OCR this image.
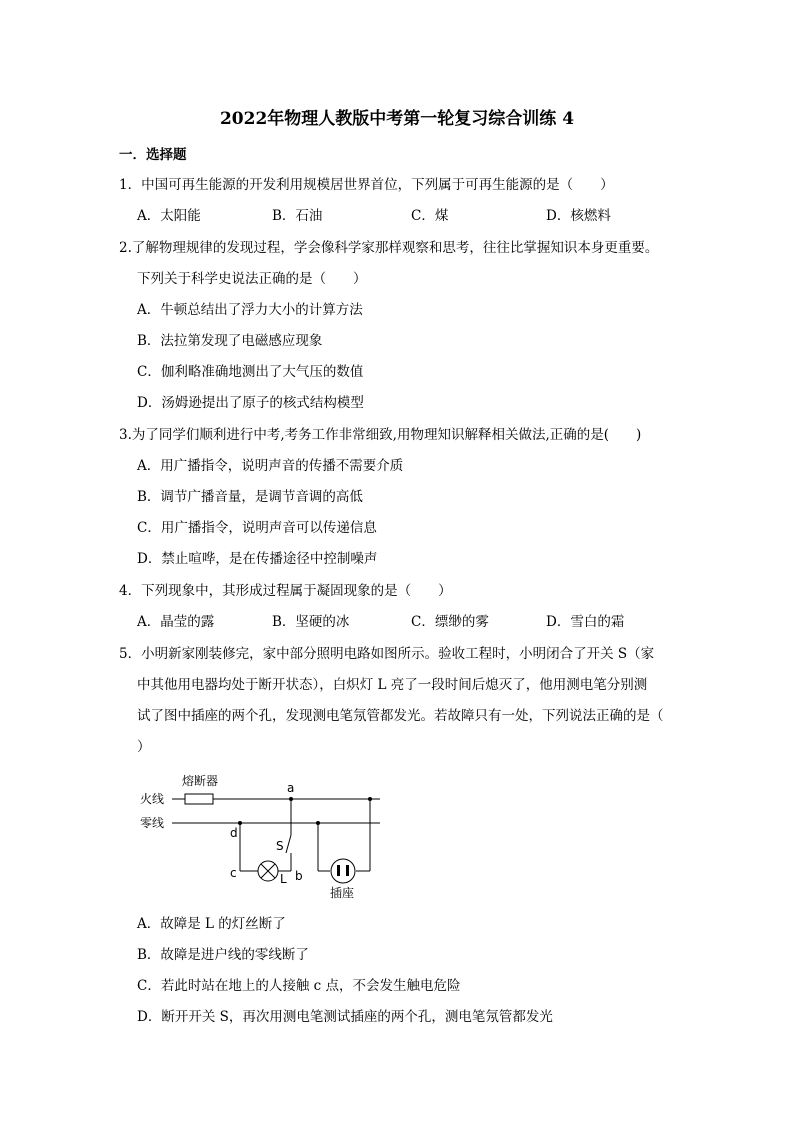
2022年物理人教版中考第一轮复习综合训练 4
一．选择题
1．中国可再生能源的开发利用规模居世界首位，下列属于可再生能源的是（　　）
A．太阳能	B．石油	C．煤	D．核燃料
2.了解物理规律的发现过程，学会像科学家那样观察和思考，往往比掌握知识本身更重要。
下列关于科学史说法正确的是（　　）
A．牛顿总结出了浮力大小的计算方法
B．法拉第发现了电磁感应现象
C．伽利略准确地测出了大气压的数值
D．汤姆逊提出了原子的核式结构模型
3.为了同学们顺利进行中考,考务工作非常细致,用物理知识解释相关做法,正确的是(　　)
A．用广播指令，说明声音的传播不需要介质
B．调节广播音量，是调节音调的高低
C．用广播指令，说明声音可以传递信息
D．禁止喧哗，是在传播途径中控制噪声
4．下列现象中，其形成过程属于凝固现象的是（　　）
A．晶莹的露	B．坚硬的冰	C．缥缈的雾	D．雪白的霜
5．小明新家刚装修完，家中部分照明电路如图所示。验收工程时，小明闭合了开关 S（家
中其他用电器均处于断开状态），白炽灯 L 亮了一段时间后熄灭了，他用测电笔分别测
试了图中插座的两个孔，发现测电笔氖管都发光。若故障只有一处，下列说法正确的是（
）
熔断器
火线
零线
a
S
b
d
c	L
插座
A．故障是 L 的灯丝断了
B．故障是进户线的零线断了
C．若此时站在地上的人接触 c 点，不会发生触电危险
D．断开开关 S，再次用测电笔测试插座的两个孔，测电笔氖管都发光
